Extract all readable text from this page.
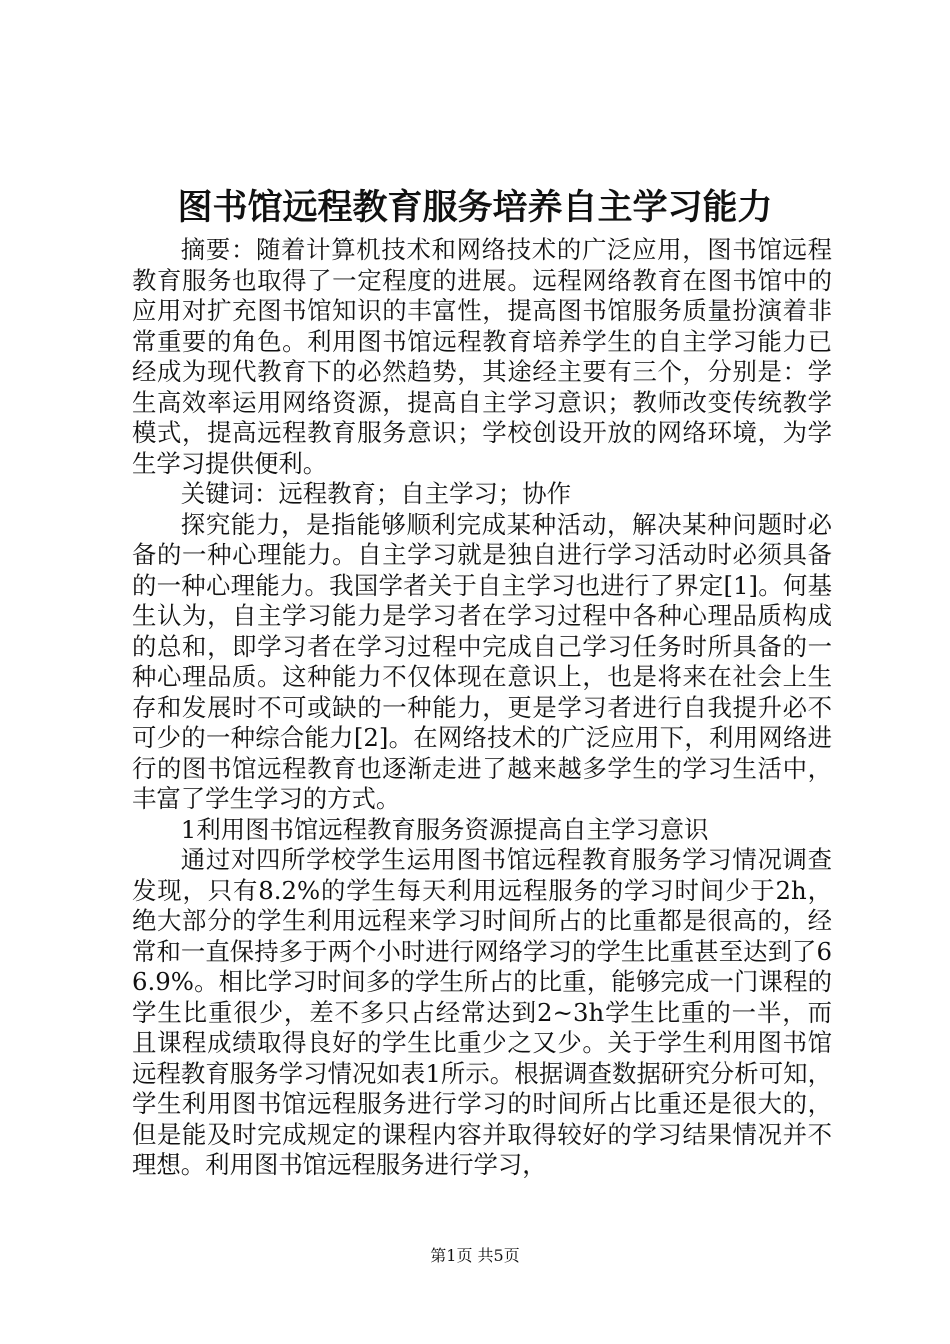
图书馆远程教育服务培养自主学习能力

摘要：随着计算机技术和网络技术的广泛应用，图书馆远程教育服务也取得了一定程度的进展。远程网络教育在图书馆中的应用对扩充图书馆知识的丰富性，提高图书馆服务质量扮演着非常重要的角色。利用图书馆远程教育培养学生的自主学习能力已经成为现代教育下的必然趋势，其途经主要有三个，分别是：学生高效率运用网络资源，提高自主学习意识；教师改变传统教学模式，提高远程教育服务意识；学校创设开放的网络环境，为学生学习提供便利。

关键词：远程教育；自主学习；协作

探究能力，是指能够顺利完成某种活动，解决某种问题时必备的一种心理能力。自主学习就是独自进行学习活动时必须具备的一种心理能力。我国学者关于自主学习也进行了界定[1]。何基生认为，自主学习能力是学习者在学习过程中各种心理品质构成的总和，即学习者在学习过程中完成自己学习任务时所具备的一种心理品质。这种能力不仅体现在意识上，也是将来在社会上生存和发展时不可或缺的一种能力，更是学习者进行自我提升必不可少的一种综合能力[2]。在网络技术的广泛应用下，利用网络进行的图书馆远程教育也逐渐走进了越来越多学生的学习生活中，丰富了学生学习的方式。

1利用图书馆远程教育服务资源提高自主学习意识

通过对四所学校学生运用图书馆远程教育服务学习情况调查发现，只有8.2%的学生每天利用远程服务的学习时间少于2h，绝大部分的学生利用远程来学习时间所占的比重都是很高的，经常和一直保持多于两个小时进行网络学习的学生比重甚至达到了66.9%。相比学习时间多的学生所占的比重，能够完成一门课程的学生比重很少，差不多只占经常达到2~3h学生比重的一半，而且课程成绩取得良好的学生比重少之又少。关于学生利用图书馆远程教育服务学习情况如表1所示。根据调查数据研究分析可知，学生利用图书馆远程服务进行学习的时间所占比重还是很大的，但是能及时完成规定的课程内容并取得较好的学习结果情况并不理想。利用图书馆远程服务进行学习，

第1页 共5页
